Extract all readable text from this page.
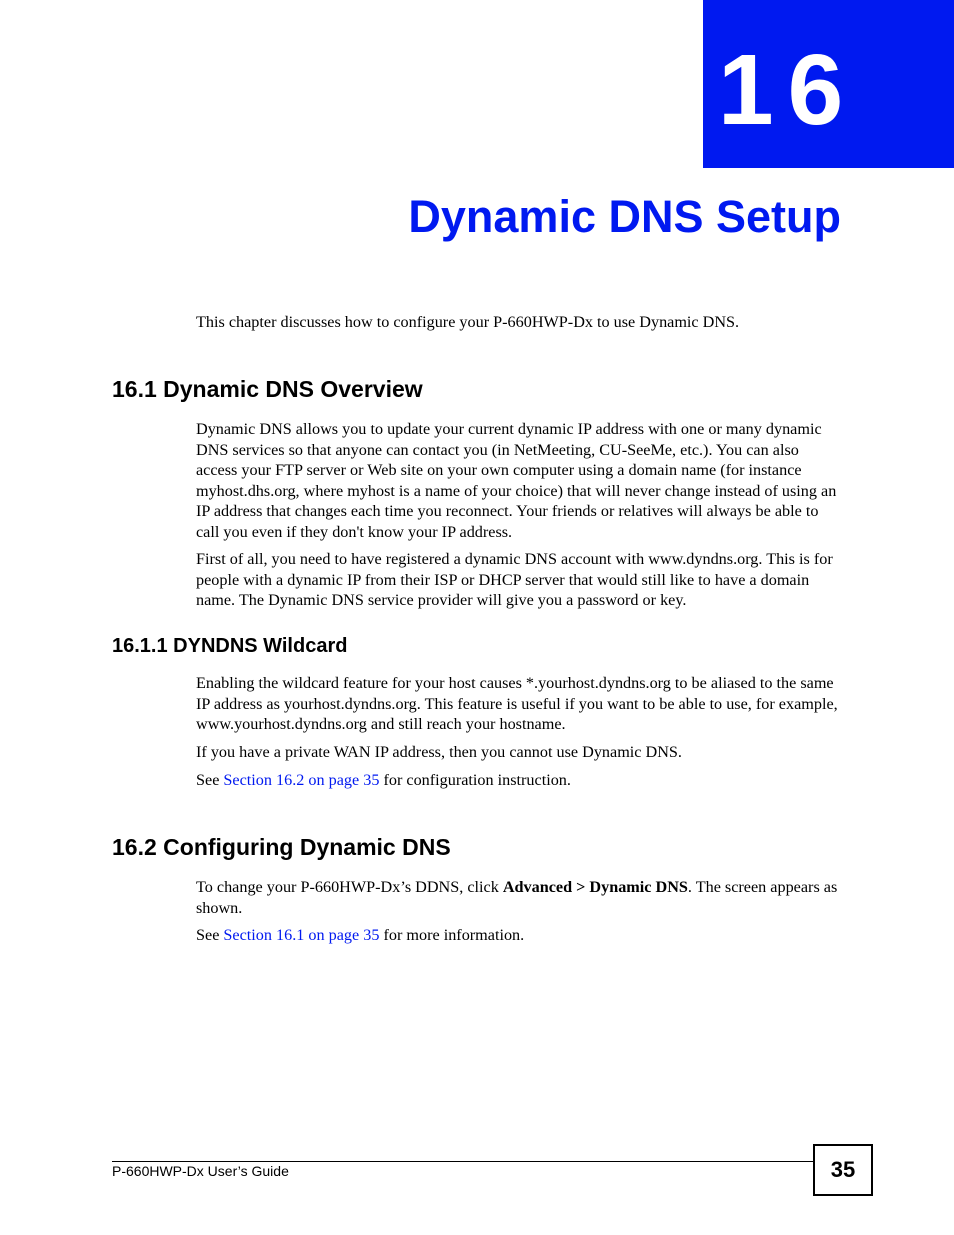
16
Dynamic DNS Setup

This chapter discusses how to configure your P-660HWP-Dx to use Dynamic DNS.

16.1 Dynamic DNS Overview

Dynamic DNS allows you to update your current dynamic IP address with one or many dynamic DNS services so that anyone can contact you (in NetMeeting, CU-SeeMe, etc.). You can also access your FTP server or Web site on your own computer using a domain name (for instance myhost.dhs.org, where myhost is a name of your choice) that will never change instead of using an IP address that changes each time you reconnect. Your friends or relatives will always be able to call you even if they don't know your IP address.

First of all, you need to have registered a dynamic DNS account with www.dyndns.org. This is for people with a dynamic IP from their ISP or DHCP server that would still like to have a domain name. The Dynamic DNS service provider will give you a password or key.

16.1.1 DYNDNS Wildcard

Enabling the wildcard feature for your host causes *.yourhost.dyndns.org to be aliased to the same IP address as yourhost.dyndns.org. This feature is useful if you want to be able to use, for example, www.yourhost.dyndns.org and still reach your hostname.

If you have a private WAN IP address, then you cannot use Dynamic DNS.

See Section 16.2 on page 35 for configuration instruction.

16.2 Configuring Dynamic DNS

To change your P-660HWP-Dx’s DDNS, click Advanced > Dynamic DNS. The screen appears as shown.

See Section 16.1 on page 35 for more information.

P-660HWP-Dx User’s Guide	35
